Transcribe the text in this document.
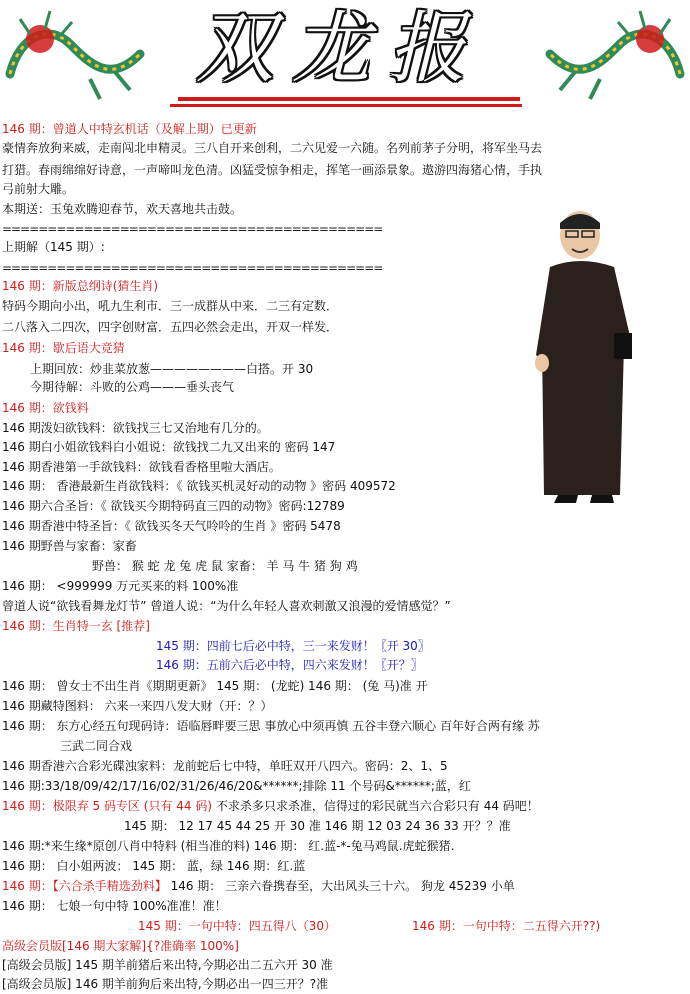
双龙报
146 期：曾道人中特玄机话（及解上期）已更新
豪情奔放狗来威，走南闯北申精灵。三八自开来创利，二六见爱一六随。名列前茅子分明，将军坐马去
打猎。春雨绵绵好诗意，一声啼叫龙色清。凶猛受惊争相走，挥笔一画添景象。遨游四海猪心情，手执
弓前射大雕。
本期送：玉兔欢腾迎春节，欢天喜地共击鼓。
==========================================
上期解（145 期）:
==========================================
146 期：新版总纲诗(猜生肖)
特码今期向小出，吼九生利市．三一成群从中来．二三有定数．
二八落入二四次，四字创财富．五四必然会走出，开双一样发．
146 期：歇后语大竞猜
上期回放：炒韭菜放葱————————白搭。开 30
今期待解：斗败的公鸡———垂头丧气
146 期：欲钱料
146 期泼妇欲钱料：欲钱找三七又治地有几分的。
146 期白小姐欲钱料白小姐说：欲钱找二九又出来的 密码 147
146 期香港第一手欲钱料：欲钱看香格里啦大酒店。
146 期： 香港最新生肖欲钱料：《 欲钱买机灵好动的动物 》密码 409572
146 期六合圣旨：《 欲钱买今期特码直三四的动物》密码:12789
146 期香港中特圣旨：《 欲钱买冬天气呤呤的生肖 》密码 5478
146 期野兽与家畜：家畜
野兽： 猴 蛇 龙 兔 虎 鼠 家畜： 羊 马 牛 猪 狗 鸡
146 期： <999999 万元买来的料 100%准
曾道人说“欲钱看舞龙灯节” 曾道人说：“为什么年轻人喜欢刺激又浪漫的爱情感觉？”
146 期：生肖特一玄 [推荐]
145 期：四前七后必中特，三一来发财！〖开 30〗
146 期：五前六后必中特，四六来发财！〖开？〗
146 期： 曾女士不出生肖《期期更新》 145 期： (龙蛇) 146 期： (兔 马)准 开
146 期藏特图料： 六来一来四八发大财（开：？）
146 期： 东方心经五句现码诗：语临唇畔要三思 事放心中须再慎 五谷丰登六顺心 百年好合两有缘 苏
三武二同合戏
146 期香港六合彩光碟浊家料：龙前蛇后七中特，单旺双开八四六。密码：2、1、5
146 期:33/18/09/42/17/16/02/31/26/46/20&******;排除 11 个号码&******;蓝，红
146 期：极限弃 5 码专区 (只有 44 码) 不求杀多只求杀准，信得过的彩民就当六合彩只有 44 码吧！
145 期： 12 17 45 44 25 开 30 准 146 期 12 03 24 36 33 开？？准
146 期:*来生缘*原创八肖中特料 (相当准的料) 146 期： 红.蓝-*-兔马鸡鼠.虎蛇猴猪.
146 期： 白小姐两波： 145 期： 蓝，绿 146 期：红.蓝
146 期：【六合杀手精选劲料】 146 期： 三亲六眷携春至，大出风头三十六。 狗龙 45239 小单
146 期： 七娘一句中特 100%准准！准！
145 期：一句中特：四五得八（30）	146 期：一句中特：二五得六开??)
高级会员版[146 期大家解]{?准确率 100%]
[高级会员版] 145 期羊前猪后来出特,今期必出二五六开 30 准
[高级会员版] 146 期羊前狗后来出特,今期必出一四三开？?准
